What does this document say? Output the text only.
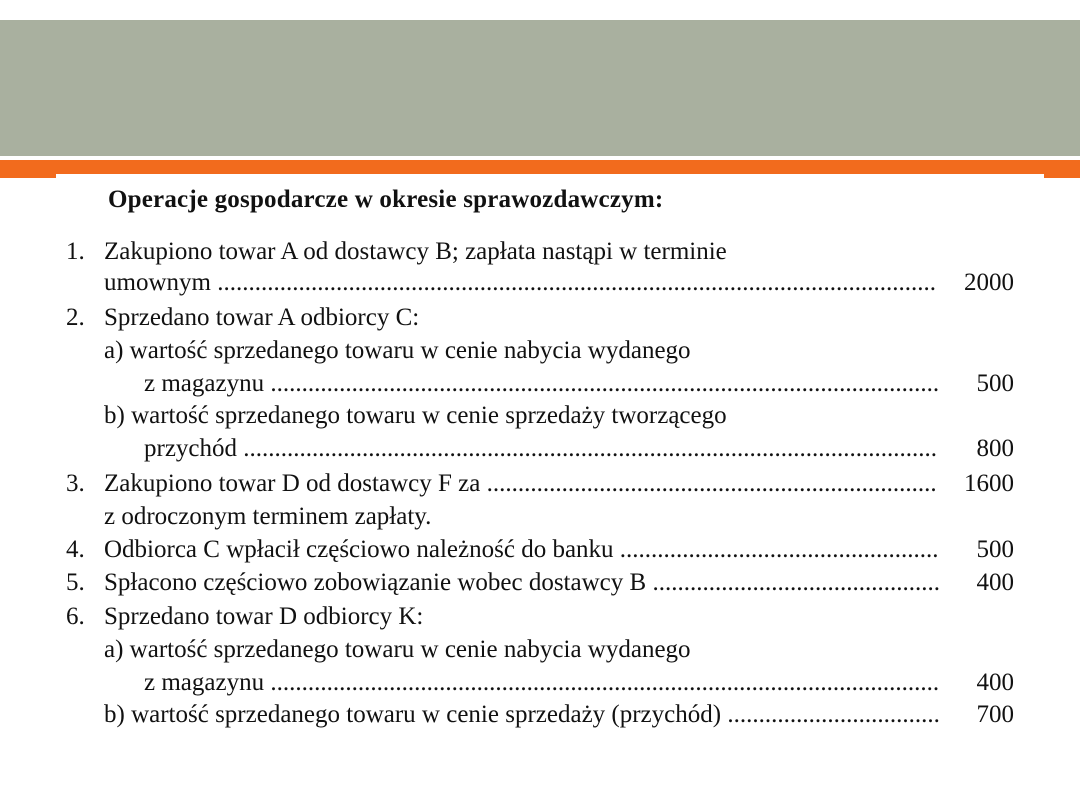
Operacje gospodarcze w okresie sprawozdawczym:
1. Zakupiono towar A od dostawcy B; zapłata nastąpi w terminie
umownym ...................................................................................................................	2000
2. Sprzedano towar A odbiorcy C:
a) wartość sprzedanego towaru w cenie nabycia wydanego
z magazynu ...........................................................................................................	500
b) wartość sprzedanego towaru w cenie sprzedaży tworzącego
przychód ...............................................................................................................	800
3. Zakupiono towar D od dostawcy F za ........................................................................	1600
z odroczonym terminem zapłaty.
4. Odbiorca C wpłacił częściowo należność do banku ...................................................	500
5. Spłacono częściowo zobowiązanie wobec dostawcy B ..............................................	400
6. Sprzedano towar D odbiorcy K:
a) wartość sprzedanego towaru w cenie nabycia wydanego
z magazynu ...........................................................................................................	400
b) wartość sprzedanego towaru w cenie sprzedaży (przychód) ..................................	700
